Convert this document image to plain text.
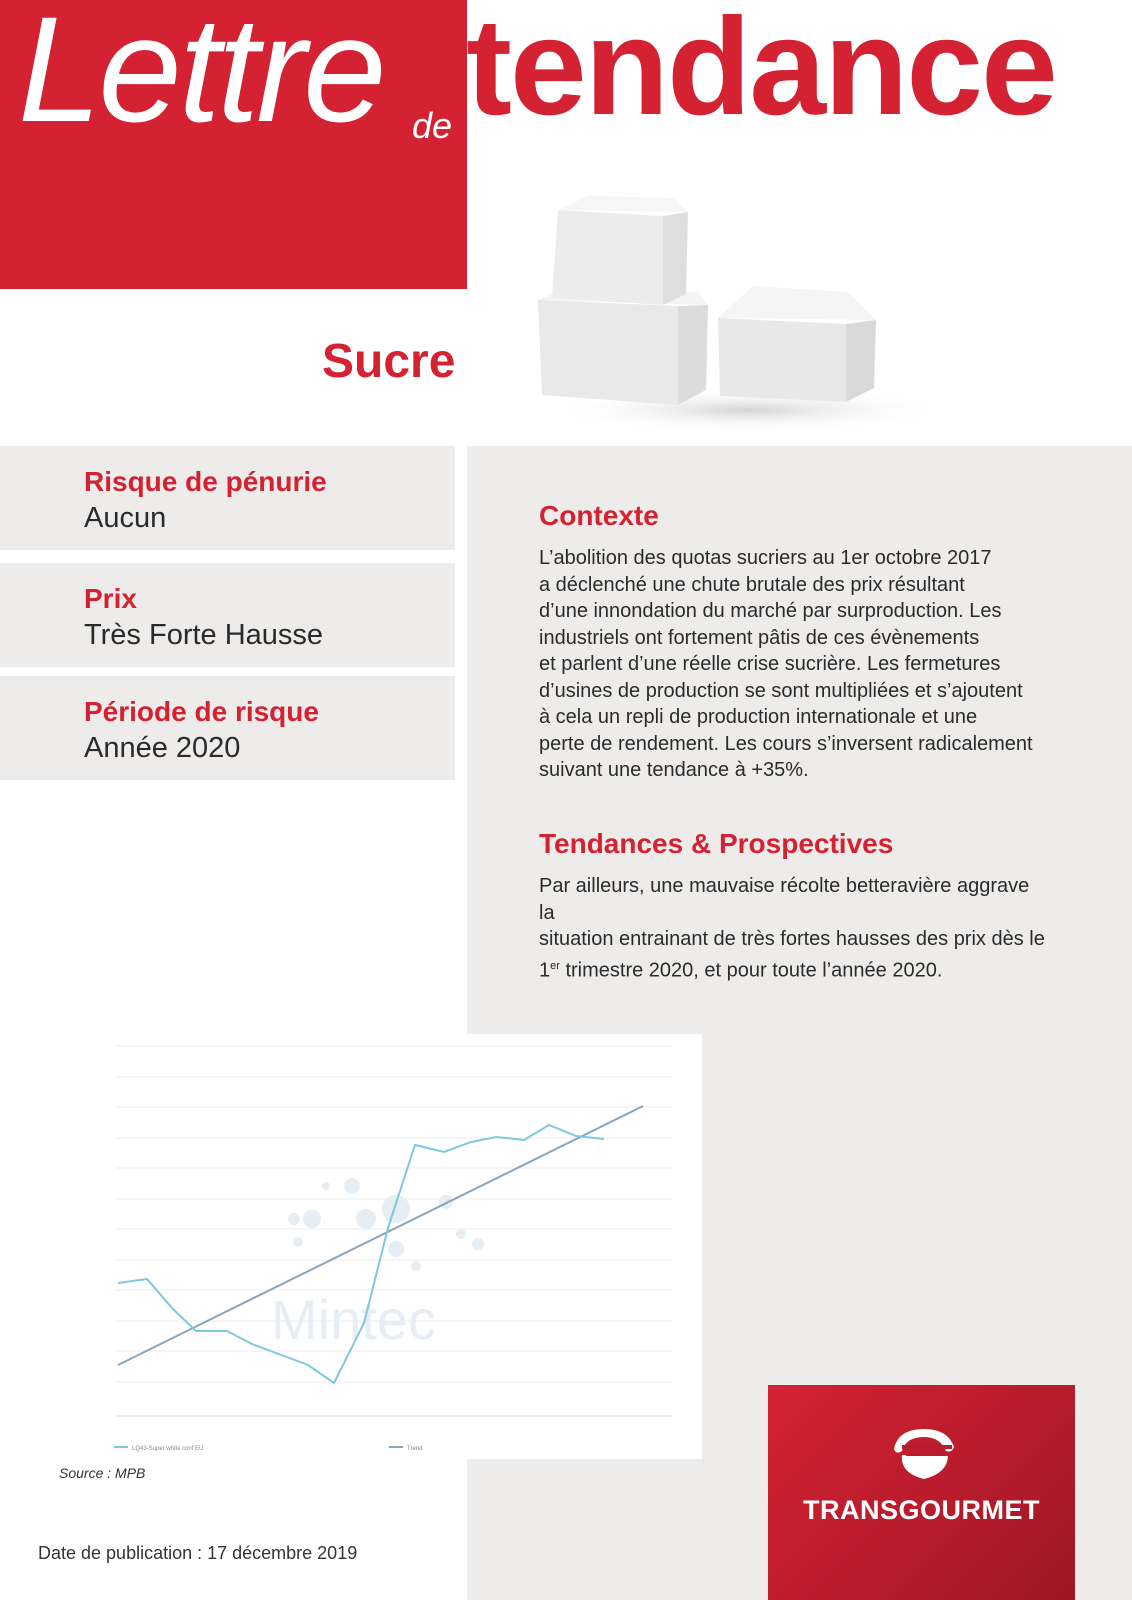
Lettre de tendance
Sucre
Risque de pénurie
Aucun
Prix
Très Forte Hausse
Période de risque
Année 2020
Contexte
L’abolition des quotas sucriers au 1er octobre 2017
a déclenché une chute brutale des prix résultant
d’une innondation du marché par surproduction. Les
industriels ont fortement pâtis de ces évènements
et parlent d’une réelle crise sucrière. Les fermetures
d’usines de production se sont multipliées et s’ajoutent
à cela un repli de production internationale et une
perte de rendement. Les cours s’inversent radicalement
suivant une tendance à +35%.
Tendances & Prospectives
Par ailleurs, une mauvaise récolte betteravière aggrave la
situation entrainant de très fortes hausses des prix dès le
1er trimestre 2020, et pour toute l’année 2020.
Mintec
LQ43-Super white conf EU	Trend
Source : MPB
Date de publication : 17 décembre 2019
TRANSGOURMET
